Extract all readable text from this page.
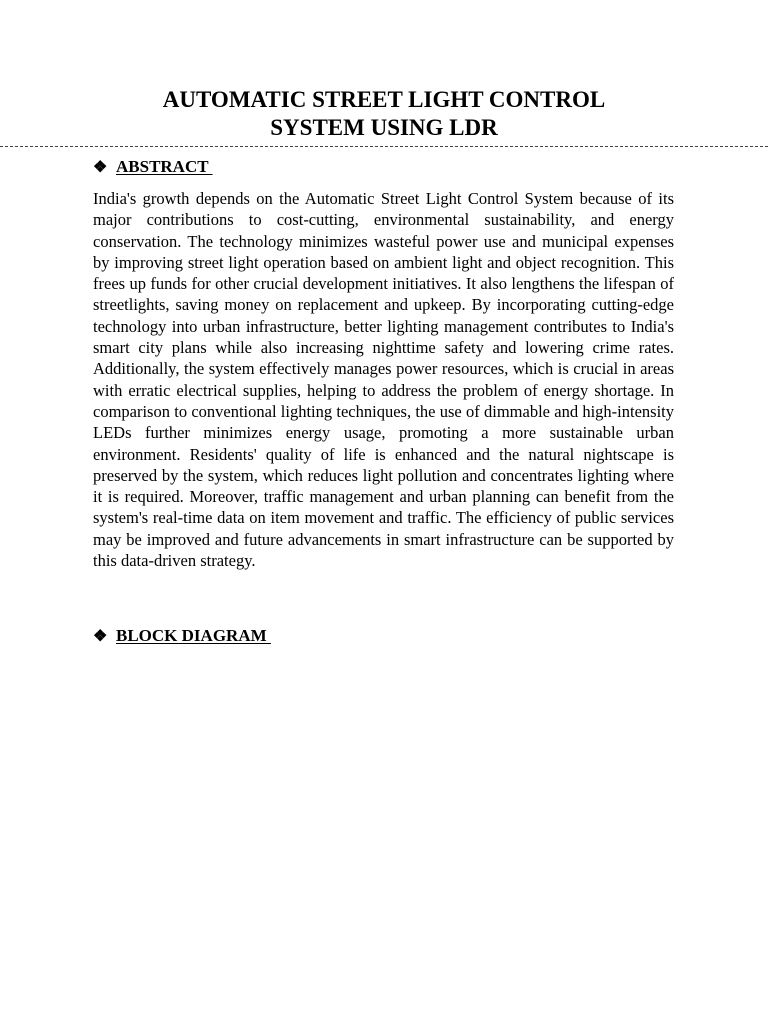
AUTOMATIC STREET LIGHT CONTROL
SYSTEM USING LDR
❖ ABSTRACT

India's growth depends on the Automatic Street Light Control System because of its major contributions to cost-cutting, environmental sustainability, and energy conservation. The technology minimizes wasteful power use and municipal expenses by improving street light operation based on ambient light and object recognition. This frees up funds for other crucial development initiatives. It also lengthens the lifespan of streetlights, saving money on replacement and upkeep. By incorporating cutting-edge technology into urban infrastructure, better lighting management contributes to India's smart city plans while also increasing nighttime safety and lowering crime rates. Additionally, the system effectively manages power resources, which is crucial in areas with erratic electrical supplies, helping to address the problem of energy shortage. In comparison to conventional lighting techniques, the use of dimmable and high-intensity LEDs further minimizes energy usage, promoting a more sustainable urban environment. Residents' quality of life is enhanced and the natural nightscape is preserved by the system, which reduces light pollution and concentrates lighting where it is required. Moreover, traffic management and urban planning can benefit from the system's real-time data on item movement and traffic. The efficiency of public services may be improved and future advancements in smart infrastructure can be supported by this data-driven strategy.

❖ BLOCK DIAGRAM
